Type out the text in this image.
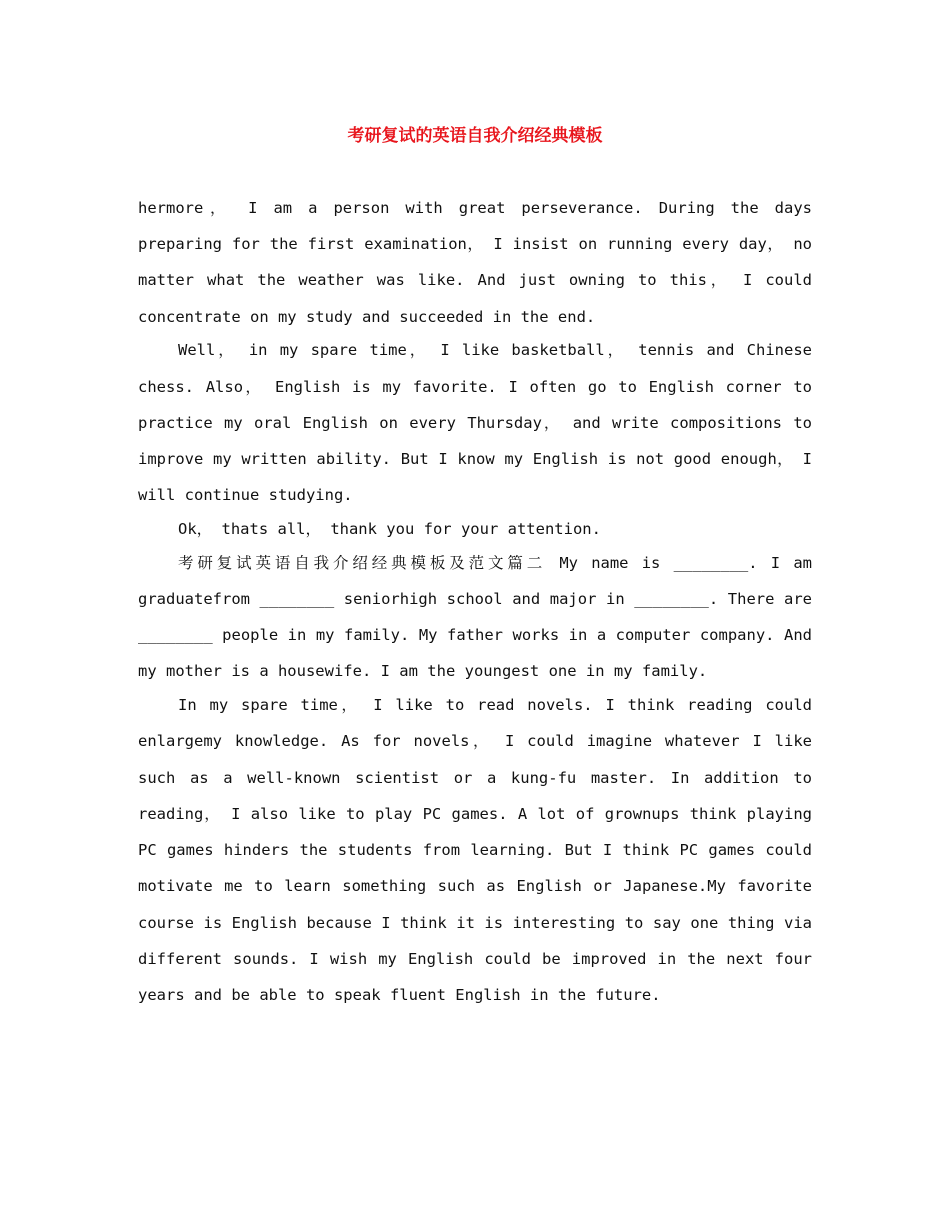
考研复试的英语自我介绍经典模板

hermore， I am a person with great perseverance. During the days preparing for the first examination， I insist on running every day， no matter what the weather was like. And just owning to this， I could concentrate on my study and succeeded in the end.

Well， in my spare time， I like basketball， tennis and Chinese chess. Also， English is my favorite. I often go to English corner to practice my oral English on every Thursday， and write compositions to improve my written ability. But I know my English is not good enough， I will continue studying.

Ok， thats all， thank you for your attention.

考研复试英语自我介绍经典模板及范文篇二 My name is ________. I am graduatefrom ________ seniorhigh school and major in ________. There are ________ people in my family. My father works in a computer company. And my mother is a housewife. I am the youngest one in my family.

In my spare time， I like to read novels. I think reading could enlargemy knowledge. As for novels， I could imagine whatever I like such as a well-known scientist or a kung-fu master. In addition to reading， I also like to play PC games. A lot of grownups think playing PC games hinders the students from learning. But I think PC games could motivate me to learn something such as English or Japanese.My favorite course is English because I think it is interesting to say one thing via different sounds. I wish my English could be improved in the next four years and be able to speak fluent English in the future.
